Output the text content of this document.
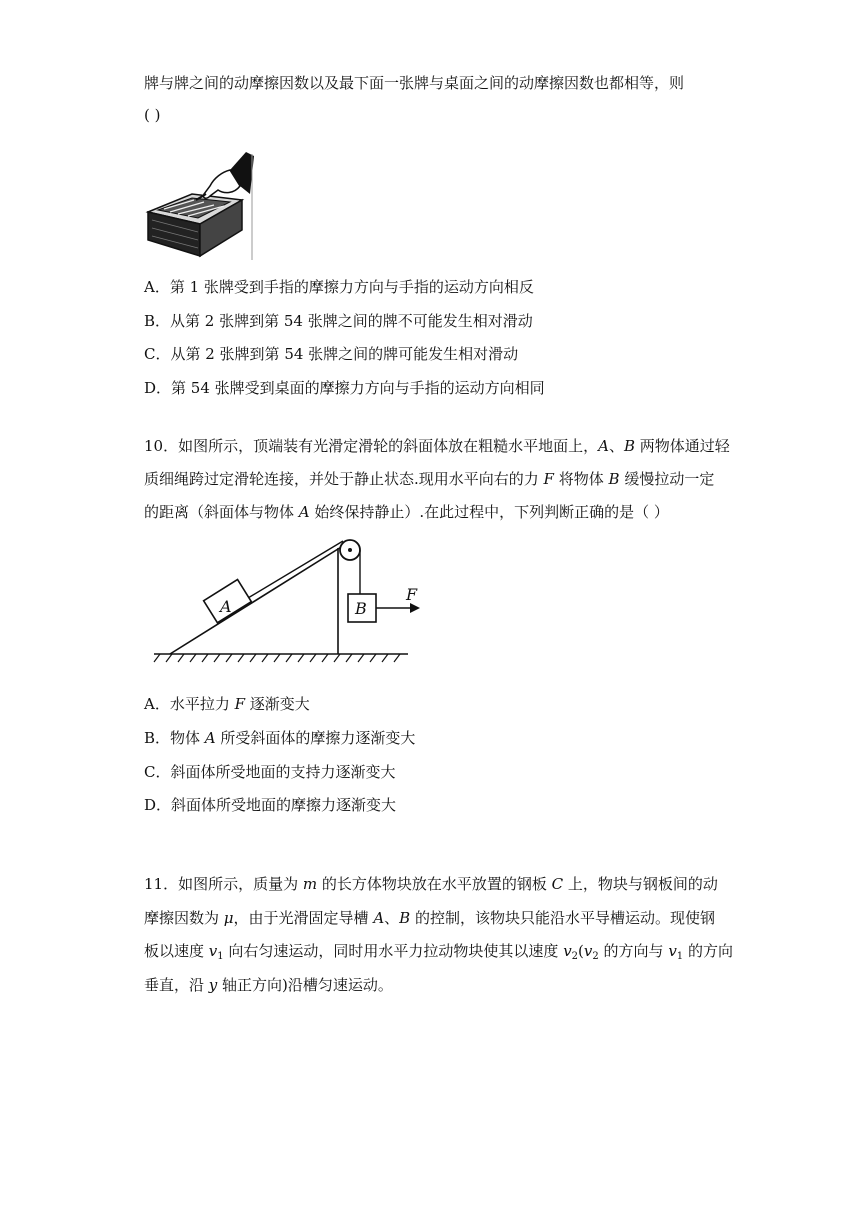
牌与牌之间的动摩擦因数以及最下面一张牌与桌面之间的动摩擦因数也都相等，则
( )
A．第 1 张牌受到手指的摩擦力方向与手指的运动方向相反
B．从第 2 张牌到第 54 张牌之间的牌不可能发生相对滑动
C．从第 2 张牌到第 54 张牌之间的牌可能发生相对滑动
D．第 54 张牌受到桌面的摩擦力方向与手指的运动方向相同
10．如图所示，顶端装有光滑定滑轮的斜面体放在粗糙水平地面上，A、B 两物体通过轻
质细绳跨过定滑轮连接，并处于静止状态.现用水平向右的力 F 将物体 B 缓慢拉动一定
的距离（斜面体与物体 A 始终保持静止）.在此过程中，下列判断正确的是（ ）
A	B
F
A．水平拉力 F 逐渐变大
B．物体 A 所受斜面体的摩擦力逐渐变大
C．斜面体所受地面的支持力逐渐变大
D．斜面体所受地面的摩擦力逐渐变大
11．如图所示，质量为 m 的长方体物块放在水平放置的钢板 C 上，物块与钢板间的动
摩擦因数为 μ，由于光滑固定导槽 A、B 的控制，该物块只能沿水平导槽运动。现使钢
板以速度 $v_1$ 向右匀速运动，同时用水平力拉动物块使其以速度 $v_2(v_2$ 的方向与 $v_1$ 的方向
垂直，沿 y 轴正方向)沿槽匀速运动。
